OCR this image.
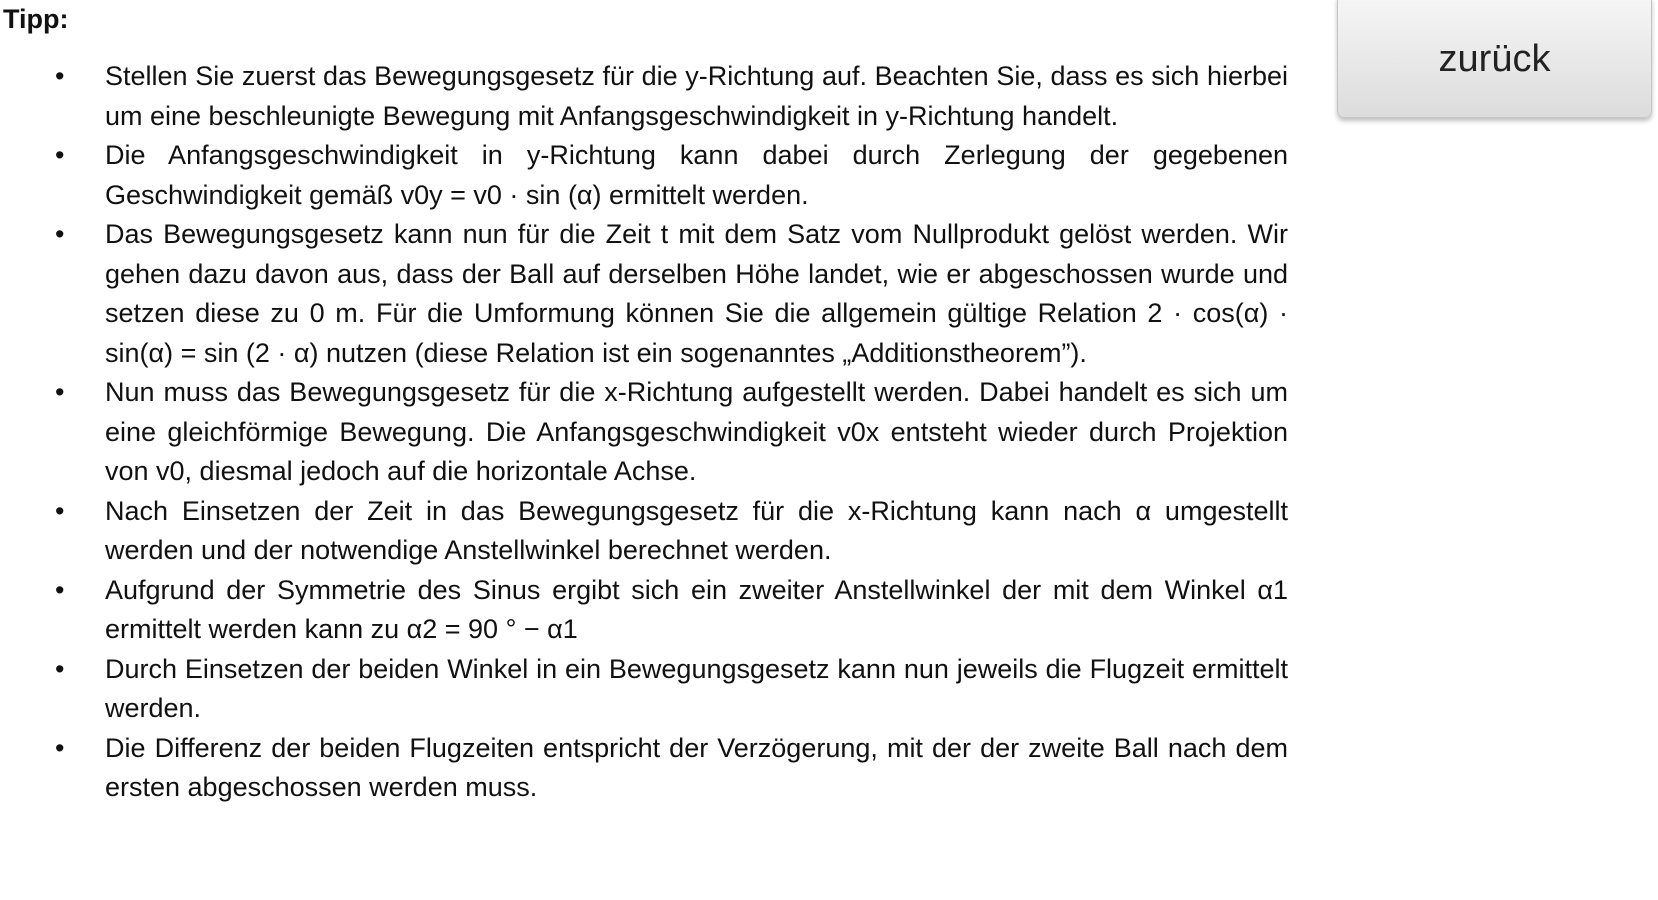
Tipp:
zurück
•	Stellen Sie zuerst das Bewegungsgesetz für die y-Richtung auf. Beachten Sie, dass es sich hierbei um eine beschleunigte Bewegung mit Anfangsgeschwindigkeit in y-Richtung handelt.
•	Die Anfangsgeschwindigkeit in y-Richtung kann dabei durch Zerlegung der gegebenen Geschwindigkeit gemäß v0y = v0 · sin (α) ermittelt werden.
•	Das Bewegungsgesetz kann nun für die Zeit t mit dem Satz vom Nullprodukt gelöst werden. Wir gehen dazu davon aus, dass der Ball auf derselben Höhe landet, wie er abgeschossen wurde und setzen diese zu 0 m. Für die Umformung können Sie die allgemein gültige Relation 2 · cos(α) · sin(α) = sin (2 · α) nutzen (diese Relation ist ein sogenanntes „Additionstheorem”).
•	Nun muss das Bewegungsgesetz für die x-Richtung aufgestellt werden. Dabei handelt es sich um eine gleichförmige Bewegung. Die Anfangsgeschwindigkeit v0x entsteht wieder durch Projektion von v0, diesmal jedoch auf die horizontale Achse.
•	Nach Einsetzen der Zeit in das Bewegungsgesetz für die x-Richtung kann nach α umgestellt werden und der notwendige Anstellwinkel berechnet werden.
•	Aufgrund der Symmetrie des Sinus ergibt sich ein zweiter Anstellwinkel der mit dem Winkel α1 ermittelt werden kann zu α2 = 90 ° − α1
•	Durch Einsetzen der beiden Winkel in ein Bewegungsgesetz kann nun jeweils die Flugzeit ermittelt werden.
•	Die Differenz der beiden Flugzeiten entspricht der Verzögerung, mit der der zweite Ball nach dem ersten abgeschossen werden muss.
